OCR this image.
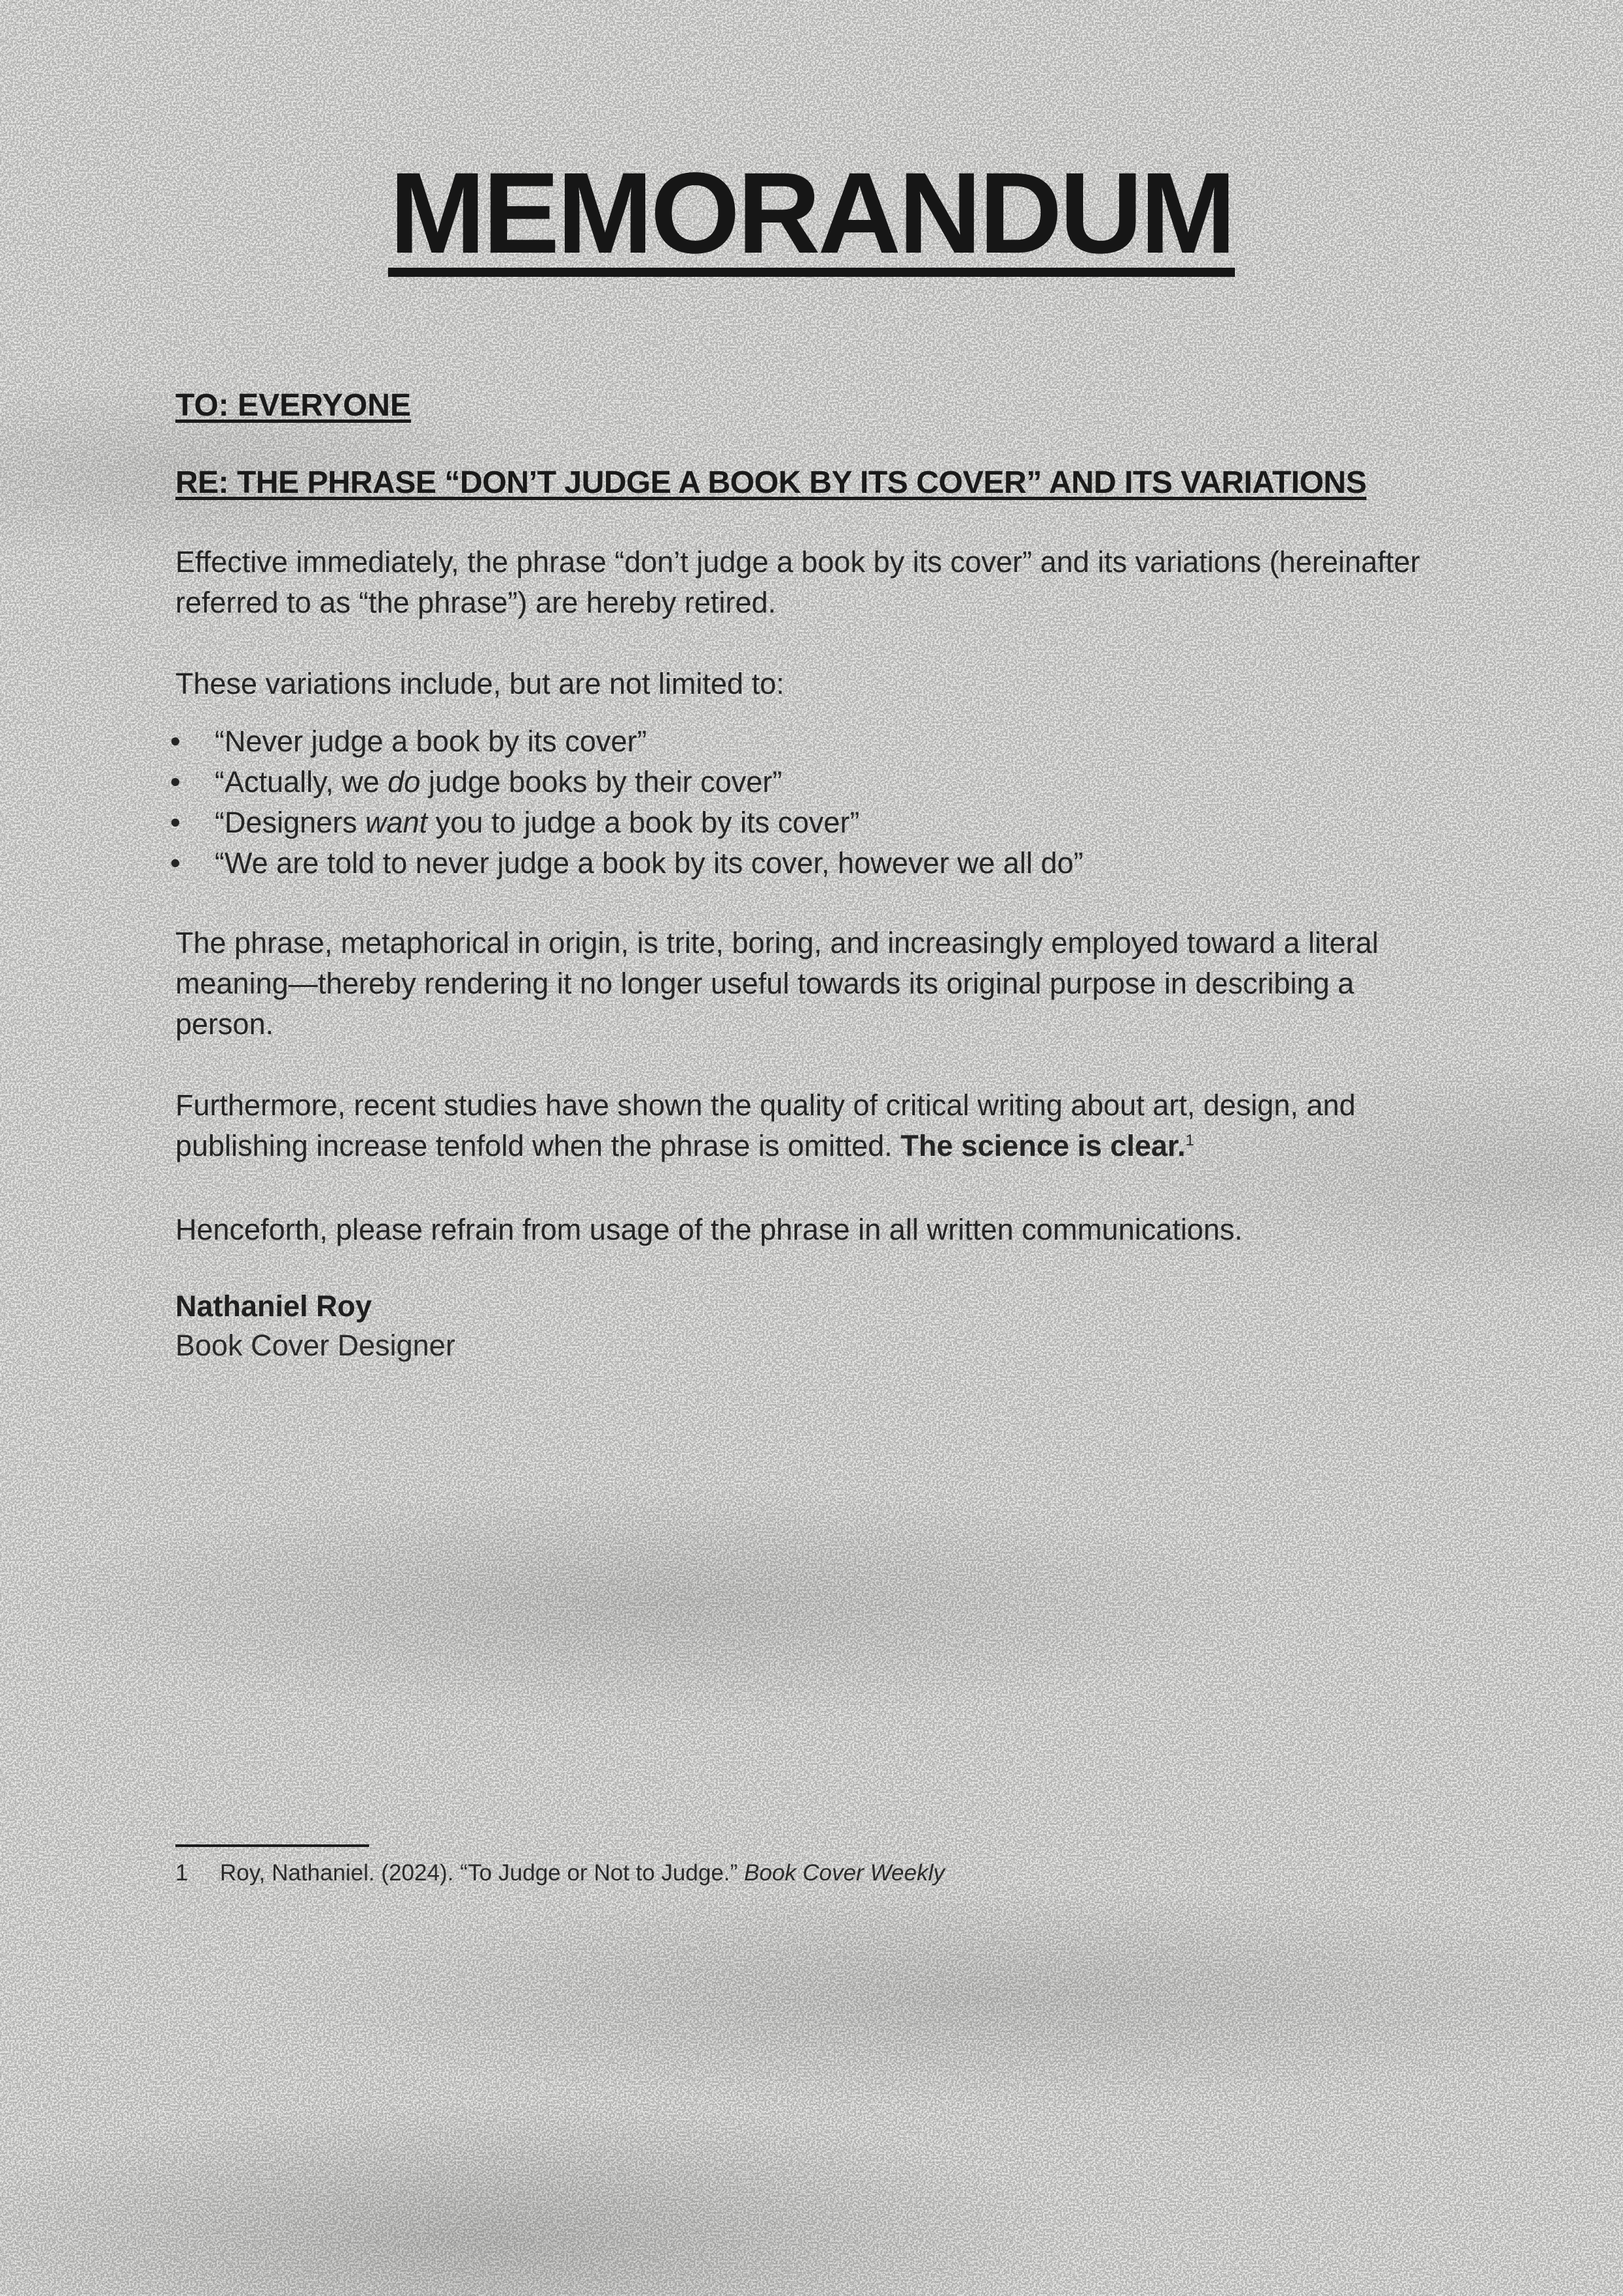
MEMORANDUM

TO: EVERYONE

RE: THE PHRASE “DON’T JUDGE A BOOK BY ITS COVER” AND ITS VARIATIONS

Effective immediately, the phrase “don’t judge a book by its cover” and its variations (hereinafter referred to as “the phrase”) are hereby retired.

These variations include, but are not limited to:

• “Never judge a book by its cover”
• “Actually, we do judge books by their cover”
• “Designers want you to judge a book by its cover”
• “We are told to never judge a book by its cover, however we all do”

The phrase, metaphorical in origin, is trite, boring, and increasingly employed toward a literal meaning—thereby rendering it no longer useful towards its original purpose in describing a person.

Furthermore, recent studies have shown the quality of critical writing about art, design, and publishing increase tenfold when the phrase is omitted. The science is clear.$^1$

Henceforth, please refrain from usage of the phrase in all written communications.

Nathaniel Roy

Book Cover Designer

1 Roy, Nathaniel. (2024). “To Judge or Not to Judge.” Book Cover Weekly
